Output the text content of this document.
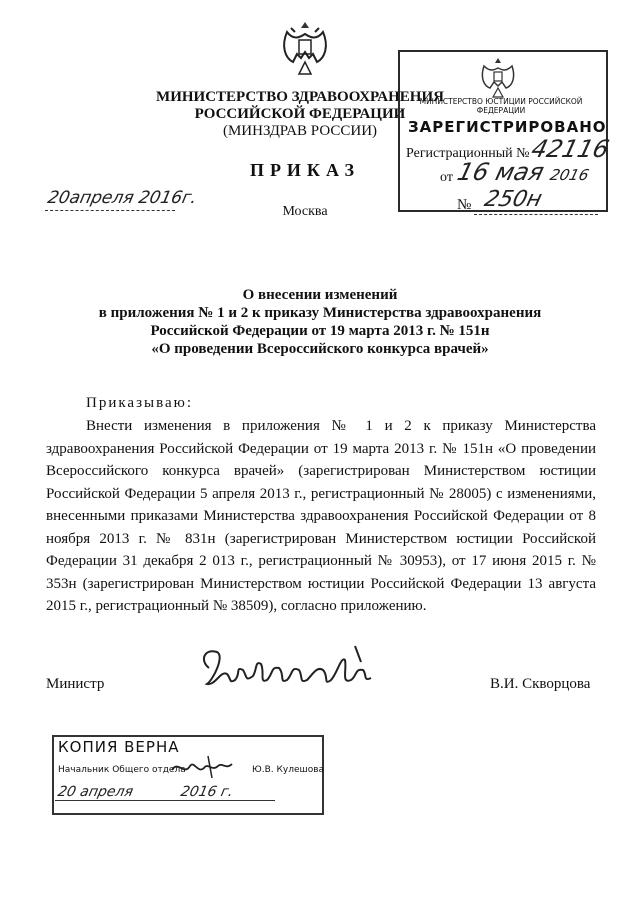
МИНИСТЕРСТВО ЗДРАВООХРАНЕНИЯ
РОССИЙСКОЙ ФЕДЕРАЦИИ
(МИНЗДРАВ РОССИИ)
ПРИКАЗ
20апреля 2016г.
Москва
МИНИСТЕРСТВО ЮСТИЦИИ РОССИЙСКОЙ ФЕДЕРАЦИИ
ЗАРЕГИСТРИРОВАНО
Регистрационный № 42116
от 16 мая 2016
№ 250н
О внесении изменений
в приложения № 1 и 2 к приказу Министерства здравоохранения
Российской Федерации от 19 марта 2013 г. № 151н
«О проведении Всероссийского конкурса врачей»
Приказываю:
Внести изменения в приложения № 1 и 2 к приказу Министерства здравоохранения Российской Федерации от 19 марта 2013 г. № 151н «О проведении Всероссийского конкурса врачей» (зарегистрирован Министерством юстиции Российской Федерации 5 апреля 2013 г., регистрационный № 28005) с изменениями, внесенными приказами Министерства здравоохранения Российской Федерации от 8 ноября 2013 г. № 831н (зарегистрирован Министерством юстиции Российской Федерации 31 декабря 2 013 г., регистрационный № 30953), от 17 июня 2015 г. № 353н (зарегистрирован Министерством юстиции Российской Федерации 13 августа 2015 г., регистрационный № 38509), согласно приложению.
Министр	В.И. Скворцова
КОПИЯ ВЕРНА
Начальник Общего отдела	Ю.В. Кулешова
20 апреля	2016 г.
